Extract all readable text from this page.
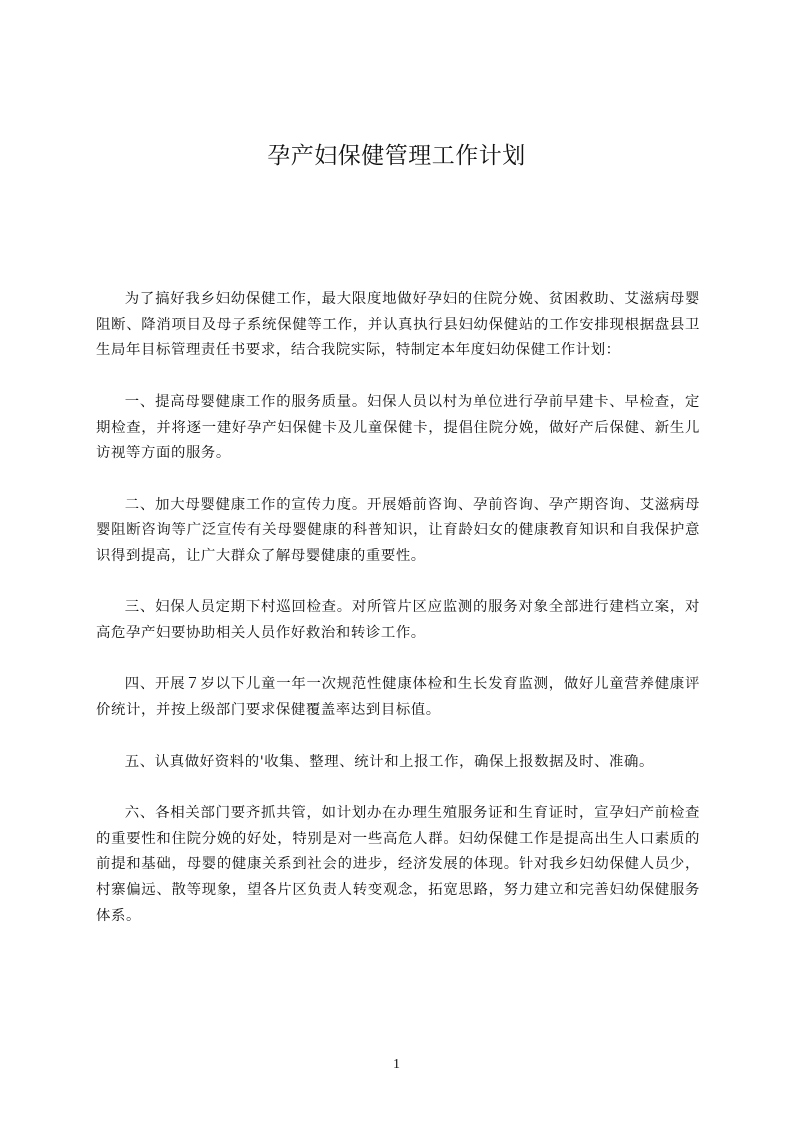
孕产妇保健管理工作计划

为了搞好我乡妇幼保健工作，最大限度地做好孕妇的住院分娩、贫困救助、艾滋病母婴阻断、降消项目及母子系统保健等工作，并认真执行县妇幼保健站的工作安排现根据盘县卫生局年目标管理责任书要求，结合我院实际，特制定本年度妇幼保健工作计划：

一、提高母婴健康工作的服务质量。妇保人员以村为单位进行孕前早建卡、早检查，定期检查，并将逐一建好孕产妇保健卡及儿童保健卡，提倡住院分娩，做好产后保健、新生儿访视等方面的服务。

二、加大母婴健康工作的宣传力度。开展婚前咨询、孕前咨询、孕产期咨询、艾滋病母婴阻断咨询等广泛宣传有关母婴健康的科普知识，让育龄妇女的健康教育知识和自我保护意识得到提高，让广大群众了解母婴健康的重要性。

三、妇保人员定期下村巡回检查。对所管片区应监测的服务对象全部进行建档立案，对高危孕产妇要协助相关人员作好救治和转诊工作。

四、开展７岁以下儿童一年一次规范性健康体检和生长发育监测，做好儿童营养健康评价统计，并按上级部门要求保健覆盖率达到目标值。

五、认真做好资料的'收集、整理、统计和上报工作，确保上报数据及时、准确。

六、各相关部门要齐抓共管，如计划办在办理生殖服务证和生育证时，宣孕妇产前检查的重要性和住院分娩的好处，特别是对一些高危人群。妇幼保健工作是提高出生人口素质的前提和基础，母婴的健康关系到社会的进步，经济发展的体现。针对我乡妇幼保健人员少，村寨偏远、散等现象，望各片区负责人转变观念，拓宽思路，努力建立和完善妇幼保健服务体系。

1
